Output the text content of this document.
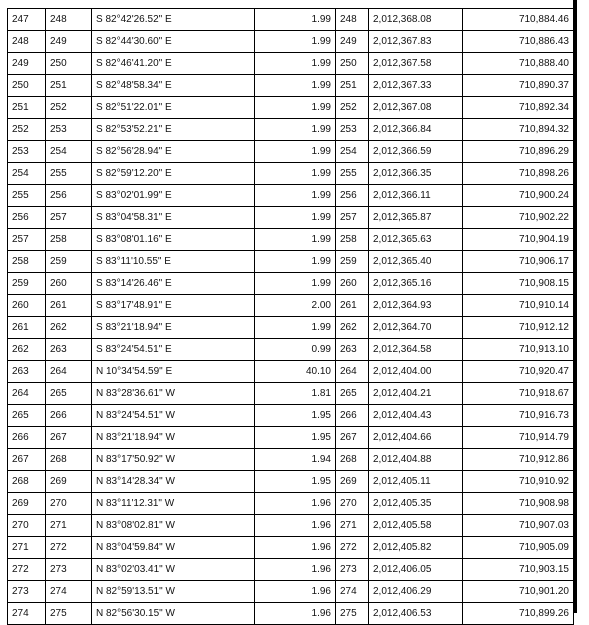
247	248	S 82°42'26.52" E	1.99	248	2,012,368.08	710,884.46
248	249	S 82°44'30.60" E	1.99	249	2,012,367.83	710,886.43
249	250	S 82°46'41.20" E	1.99	250	2,012,367.58	710,888.40
250	251	S 82°48'58.34" E	1.99	251	2,012,367.33	710,890.37
251	252	S 82°51'22.01" E	1.99	252	2,012,367.08	710,892.34
252	253	S 82°53'52.21" E	1.99	253	2,012,366.84	710,894.32
253	254	S 82°56'28.94" E	1.99	254	2,012,366.59	710,896.29
254	255	S 82°59'12.20" E	1.99	255	2,012,366.35	710,898.26
255	256	S 83°02'01.99" E	1.99	256	2,012,366.11	710,900.24
256	257	S 83°04'58.31" E	1.99	257	2,012,365.87	710,902.22
257	258	S 83°08'01.16" E	1.99	258	2,012,365.63	710,904.19
258	259	S 83°11'10.55" E	1.99	259	2,012,365.40	710,906.17
259	260	S 83°14'26.46" E	1.99	260	2,012,365.16	710,908.15
260	261	S 83°17'48.91" E	2.00	261	2,012,364.93	710,910.14
261	262	S 83°21'18.94" E	1.99	262	2,012,364.70	710,912.12
262	263	S 83°24'54.51" E	0.99	263	2,012,364.58	710,913.10
263	264	N 10°34'54.59" E	40.10	264	2,012,404.00	710,920.47
264	265	N 83°28'36.61" W	1.81	265	2,012,404.21	710,918.67
265	266	N 83°24'54.51" W	1.95	266	2,012,404.43	710,916.73
266	267	N 83°21'18.94" W	1.95	267	2,012,404.66	710,914.79
267	268	N 83°17'50.92" W	1.94	268	2,012,404.88	710,912.86
268	269	N 83°14'28.34" W	1.95	269	2,012,405.11	710,910.92
269	270	N 83°11'12.31" W	1.96	270	2,012,405.35	710,908.98
270	271	N 83°08'02.81" W	1.96	271	2,012,405.58	710,907.03
271	272	N 83°04'59.84" W	1.96	272	2,012,405.82	710,905.09
272	273	N 83°02'03.41" W	1.96	273	2,012,406.05	710,903.15
273	274	N 82°59'13.51" W	1.96	274	2,012,406.29	710,901.20
274	275	N 82°56'30.15" W	1.96	275	2,012,406.53	710,899.26
